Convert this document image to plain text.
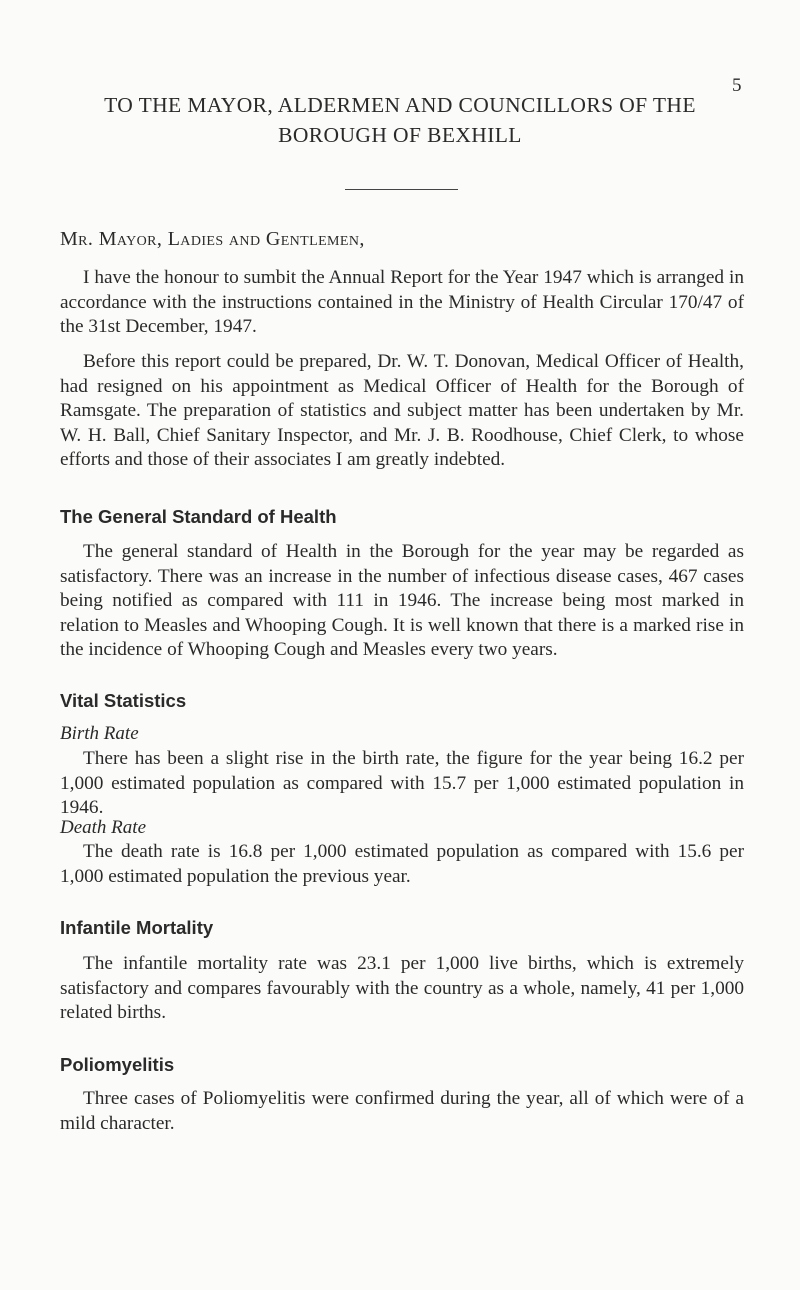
5
TO THE MAYOR, ALDERMEN AND COUNCILLORS OF THE
BOROUGH OF BEXHILL
Mr. Mayor, Ladies and Gentlemen,

I have the honour to sumbit the Annual Report for the Year 1947 which is arranged in accordance with the instructions contained in the Ministry of Health Circular 170/47 of the 31st December, 1947.

Before this report could be prepared, Dr. W. T. Donovan, Medical Officer of Health, had resigned on his appointment as Medical Officer of Health for the Borough of Ramsgate. The preparation of statistics and subject matter has been undertaken by Mr. W. H. Ball, Chief Sanitary Inspector, and Mr. J. B. Roodhouse, Chief Clerk, to whose efforts and those of their associates I am greatly indebted.

The General Standard of Health

The general standard of Health in the Borough for the year may be regarded as satisfactory. There was an increase in the number of infectious disease cases, 467 cases being notified as compared with 111 in 1946. The increase being most marked in relation to Measles and Whooping Cough. It is well known that there is a marked rise in the incidence of Whooping Cough and Measles every two years.

Vital Statistics
Birth Rate

There has been a slight rise in the birth rate, the figure for the year being 16.2 per 1,000 estimated population as compared with 15.7 per 1,000 estimated population in 1946.

Death Rate

The death rate is 16.8 per 1,000 estimated population as compared with 15.6 per 1,000 estimated population the previous year.

Infantile Mortality

The infantile mortality rate was 23.1 per 1,000 live births, which is extremely satisfactory and compares favourably with the country as a whole, namely, 41 per 1,000 related births.

Poliomyelitis

Three cases of Poliomyelitis were confirmed during the year, all of which were of a mild character.
